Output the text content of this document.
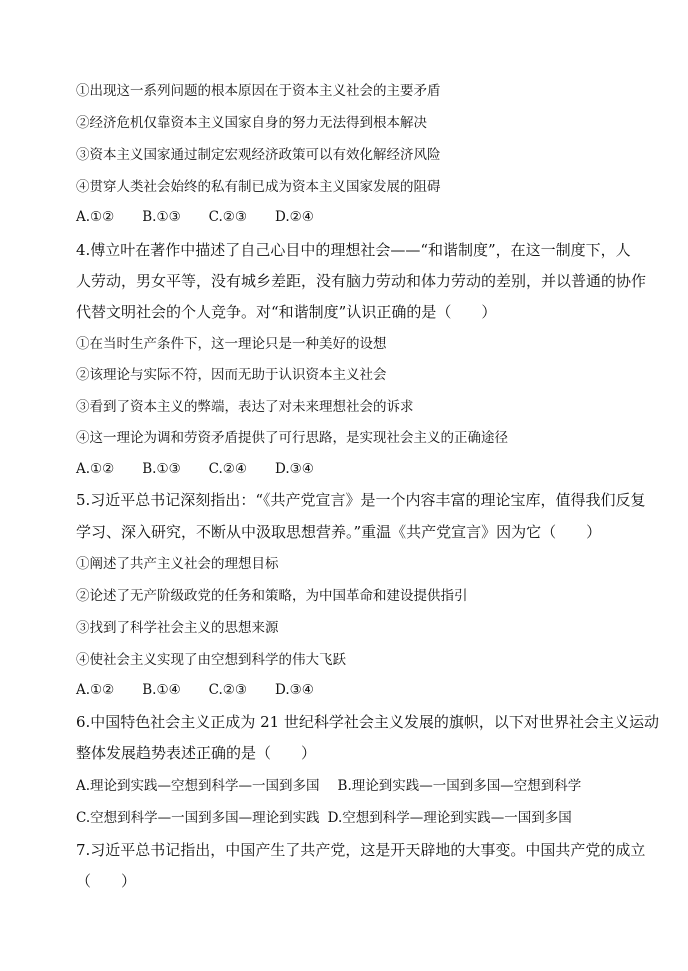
①出现这一系列问题的根本原因在于资本主义社会的主要矛盾
②经济危机仅靠资本主义国家自身的努力无法得到根本解决
③资本主义国家通过制定宏观经济政策可以有效化解经济风险
④贯穿人类社会始终的私有制已成为资本主义国家发展的阻碍
A.①② B.①③ C.②③ D.②④
4.傅立叶在著作中描述了自己心目中的理想社会——“和谐制度”，在这一制度下，人
人劳动，男女平等，没有城乡差距，没有脑力劳动和体力劳动的差别，并以普通的协作
代替文明社会的个人竞争。对“和谐制度”认识正确的是（　　）
①在当时生产条件下，这一理论只是一种美好的设想
②该理论与实际不符，因而无助于认识资本主义社会
③看到了资本主义的弊端，表达了对未来理想社会的诉求
④这一理论为调和劳资矛盾提供了可行思路，是实现社会主义的正确途径
A.①② B.①③ C.②④ D.③④
5.习近平总书记深刻指出：“《共产党宣言》是一个内容丰富的理论宝库，值得我们反复
学习、深入研究，不断从中汲取思想营养。”重温《共产党宣言》因为它（　　）
①阐述了共产主义社会的理想目标
②论述了无产阶级政党的任务和策略，为中国革命和建设提供指引
③找到了科学社会主义的思想来源
④使社会主义实现了由空想到科学的伟大飞跃
A.①② B.①④ C.②③ D.③④
6.中国特色社会主义正成为 21 世纪科学社会主义发展的旗帜，以下对世界社会主义运动
整体发展趋势表述正确的是（　　）
A.理论到实践—空想到科学—一国到多国 B.理论到实践—一国到多国—空想到科学
C.空想到科学—一国到多国—理论到实践 D.空想到科学—理论到实践—一国到多国
7.习近平总书记指出，中国产生了共产党，这是开天辟地的大事变。中国共产党的成立
（　　）
